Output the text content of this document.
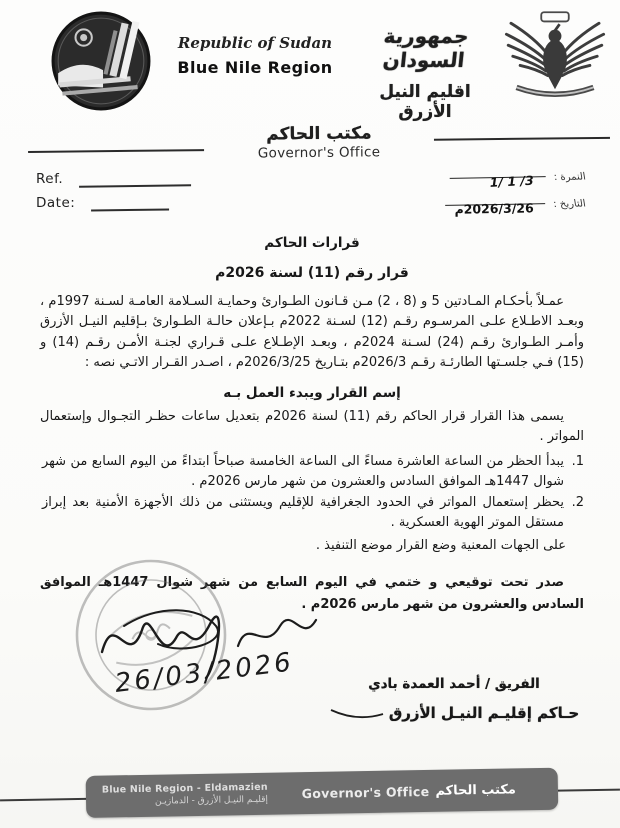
Republic of Sudan
Blue Nile Region
جمهورية السودان
اقليم النيل الأزرق
مكتب الحاكم
Governor's Office
Ref.
Date:
النمرة :
3/ 1 /1
التاريخ :
2026/3/26م
قرارات الحاكم
قرار رقم (11) لسنة 2026م

عمـلاً بأحكـام المـادتين 5 و (8 ، 2) مـن قـانون الطـوارئ وحمايـة السـلامة العامـة لسـنة 1997م ، وبعـد الاطـلاع علـى المرسـوم رقـم (12) لسـنة 2022م بـإعلان حالـة الطـوارئ بـإقليم النيـل الأزرق وأمـر الطـوارئ رقـم (24) لسـنة 2024م ، وبعـد الإطـلاع علـى قـراري لجنـة الأمـن رقـم (14) و (15) فـي جلسـتها الطارئـة رقـم 2026/3م بتـاريخ 2026/3/25م ، اصـدر القـرار الاتـي نصه :

إسم القرار ويبدء العمل بـه

يسمى هذا القرار قرار الحاكم رقم (11) لسنة 2026م بتعديل ساعات حظـر التجـوال وإستعمال المواتر .

1.
يبدأ الحظر من الساعة العاشرة مساءً الى الساعة الخامسة صباحاً ابتداءً من اليوم السابع من شهر شوال 1447هـ الموافق السادس والعشرون من شهر مارس 2026م .
2.
يحظر إستعمال المواتر في الحدود الجغرافية للإقليم ويستثنى من ذلك الأجهزة الأمنية بعد إبراز مستقل الموتر الهوية العسكرية .

على الجهات المعنية وضع القرار موضع التنفيذ .

صدر تحت توقيعي و ختمي في اليوم السابع من شهر شوال 1447هـ الموافق السادس والعشرون من شهر مارس 2026م .

الفريق / أحمد العمدة بادي
حـاكم إقليـم النيـل الأزرق
26/03/2026
Blue Nile Region - Eldamazien
إقليـم النيـل الأزرق - الدمازيـن
Governor's Office مكتب الحاكم
